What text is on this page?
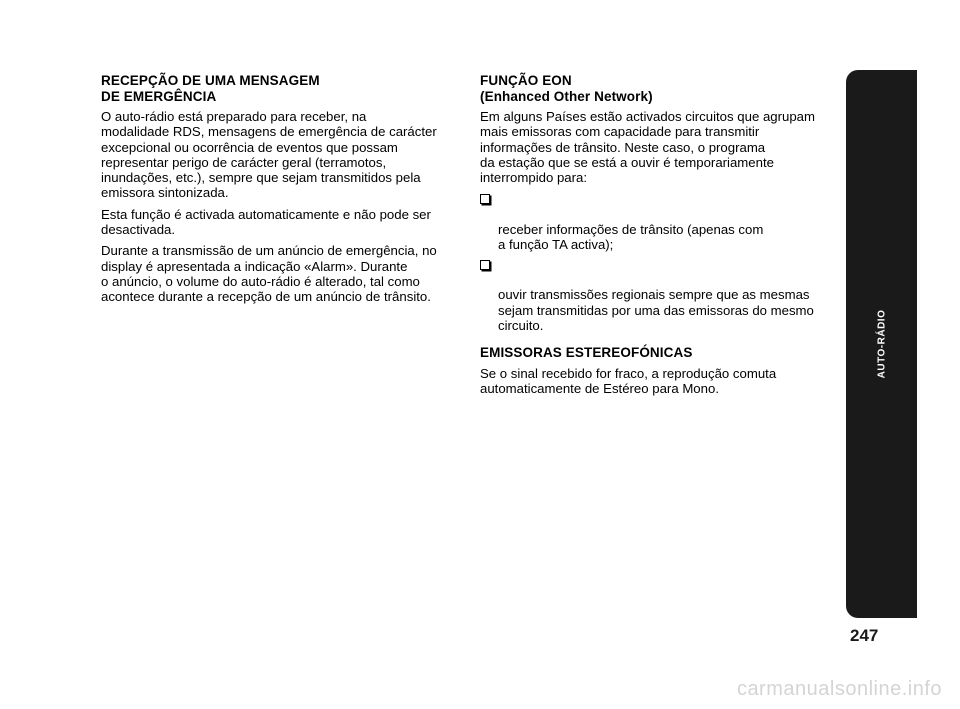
RECEPÇÃO DE UMA MENSAGEM
DE EMERGÊNCIA

O auto-rádio está preparado para receber, na
modalidade RDS, mensagens de emergência de carácter
excepcional ou ocorrência de eventos que possam
representar perigo de carácter geral (terramotos,
inundações, etc.), sempre que sejam transmitidos pela
emissora sintonizada.

Esta função é activada automaticamente e não pode ser
desactivada.

Durante a transmissão de um anúncio de emergência, no
display é apresentada a indicação «Alarm». Durante
o anúncio, o volume do auto-rádio é alterado, tal como
acontece durante a recepção de um anúncio de trânsito.

FUNÇÃO EON
(Enhanced Other Network)

Em alguns Países estão activados circuitos que agrupam
mais emissoras com capacidade para transmitir
informações de trânsito. Neste caso, o programa
da estação que se está a ouvir é temporariamente
interrompido para:

receber informações de trânsito (apenas com
a função TA activa);

ouvir transmissões regionais sempre que as mesmas
sejam transmitidas por uma das emissoras do mesmo
circuito.

EMISSORAS ESTEREOFÓNICAS

Se o sinal recebido for fraco, a reprodução comuta
automaticamente de Estéreo para Mono.

AUTO-RÁDIO
247
carmanualsonline.info
